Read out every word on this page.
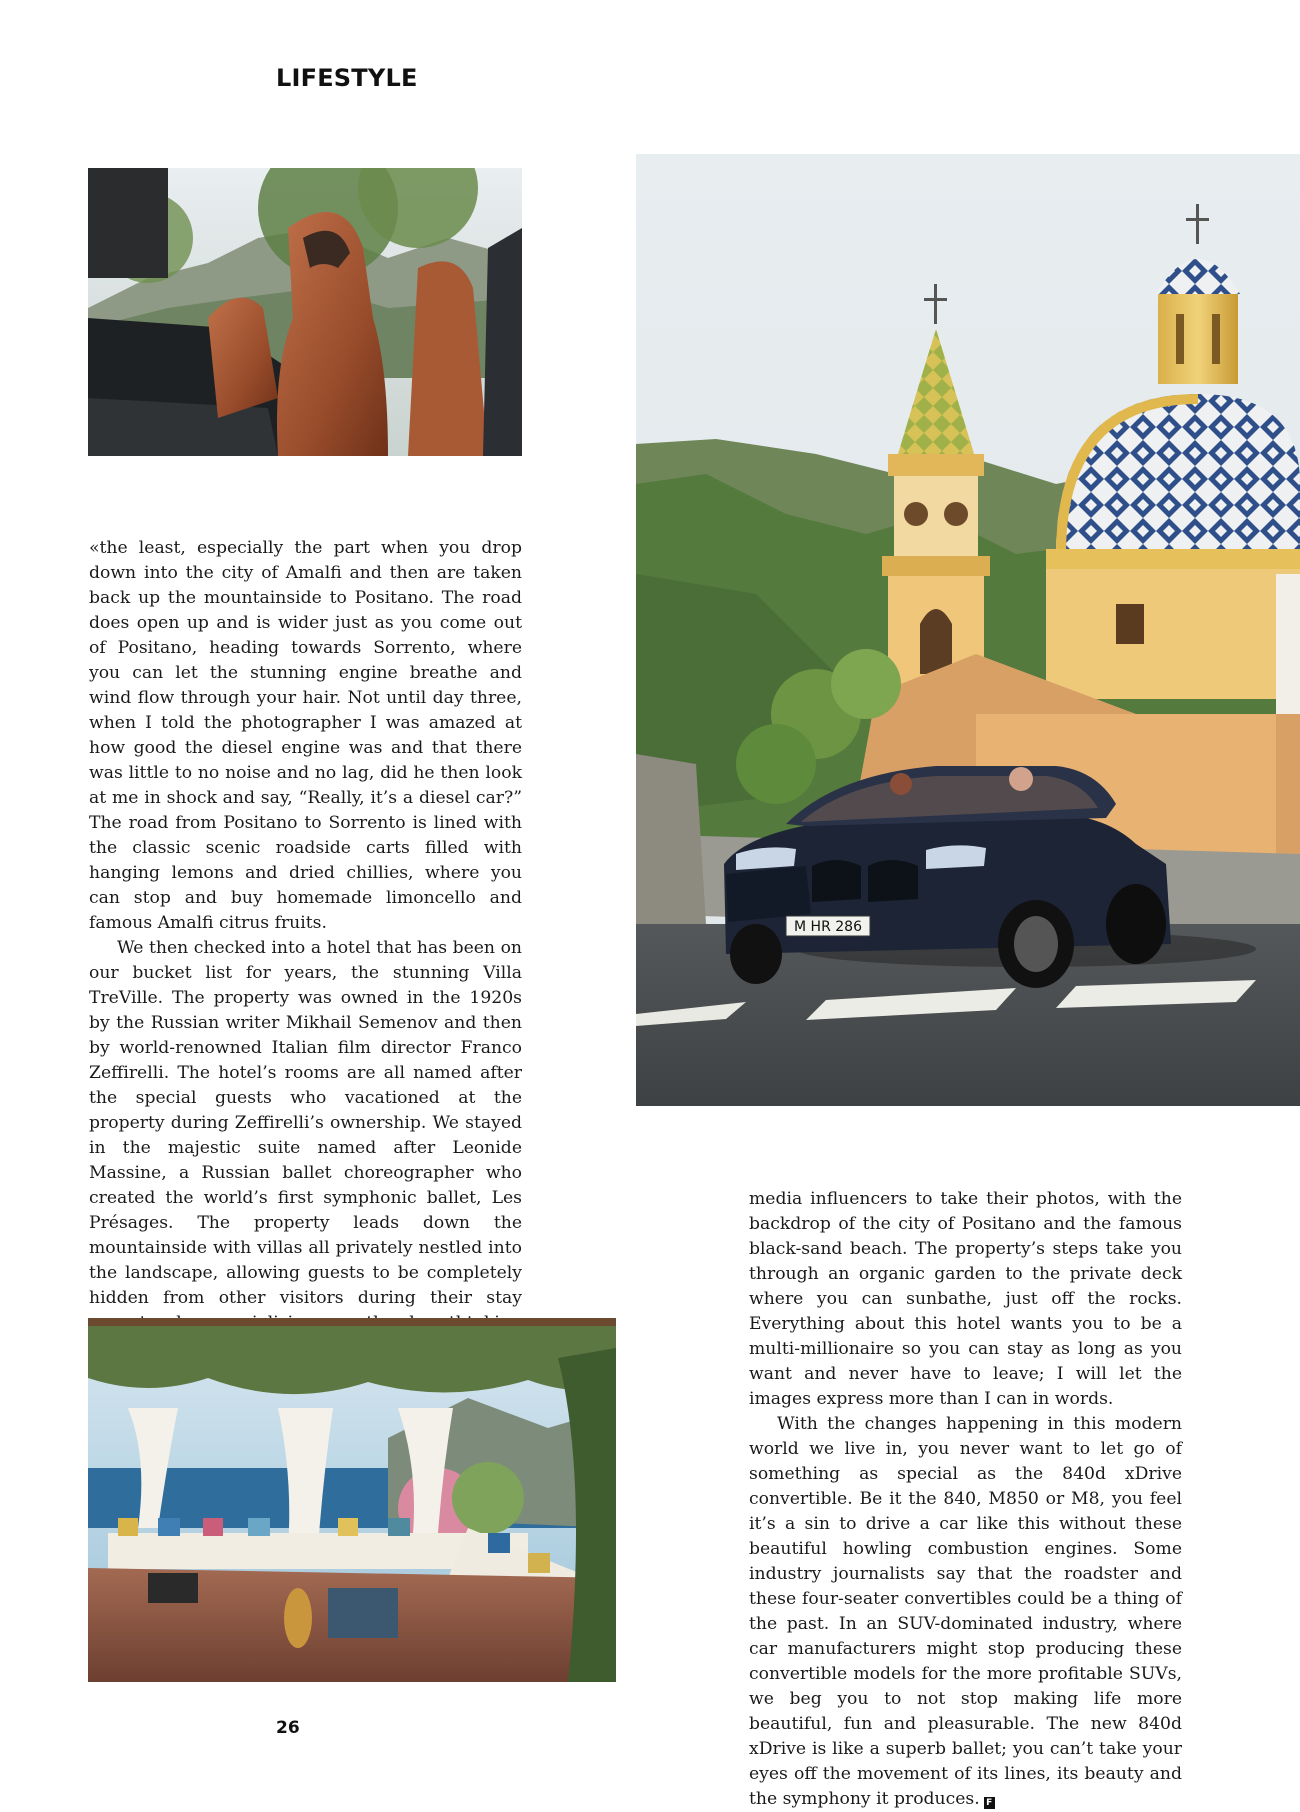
LIFESTYLE
M HR 286

«the least, especially the part when you drop down into the city of Amalfi and then are taken back up the mountainside to Positano. The road does open up and is wider just as you come out of Positano, heading towards Sorrento, where you can let the stunning engine breathe and wind flow through your hair. Not until day three, when I told the photographer I was amazed at how good the diesel engine was and that there was little to no noise and no lag, did he then look at me in shock and say, “Really, it’s a diesel car?” The road from Positano to Sorrento is lined with the classic scenic roadside carts filled with hanging lemons and dried chillies, where you can stop and buy homemade limoncello and famous Amalfi citrus fruits.

We then checked into a hotel that has been on our bucket list for years, the stunning Villa TreVille. The property was owned in the 1920s by the Russian writer Mikhail Semenov and then by world-renowned Italian film director Franco Zeffirelli. The hotel’s rooms are all named after the special guests who vacationed at the property during Zeffirelli’s ownership. We stayed in the majestic suite named after Leonide Massine, a Russian ballet choreographer who created the world’s first symphonic ballet, Les Présages. The property leads down the mountainside with villas all privately nestled into the landscape, allowing guests to be completely hidden from other visitors during their stay

media influencers to take their photos, with the backdrop of the city of Positano and the famous black-sand beach. The property’s steps take you through an organic garden to the private deck where you can sunbathe, just off the rocks. Everything about this hotel wants you to be a multi-millionaire so you can stay as long as you want and never have to leave; I will let the images express more than I can in words.

With the changes happening in this modern world we live in, you never want to let go of something as special as the 840d xDrive convertible. Be it the 840, M850 or M8, you feel it’s a sin to drive a car like this without these beautiful howling combustion engines. Some industry journalists say that the roadster and these four-seater convertibles could be a thing of the past. In an SUV-dominated industry, where car manufacturers might stop producing these convertible models for the more profitable SUVs, we beg you to not stop making life more beautiful, fun and pleasurable. The new 840d xDrive is like a superb ballet; you can’t take your eyes off the movement of its lines, its beauty and the symphony it produces. F

26
